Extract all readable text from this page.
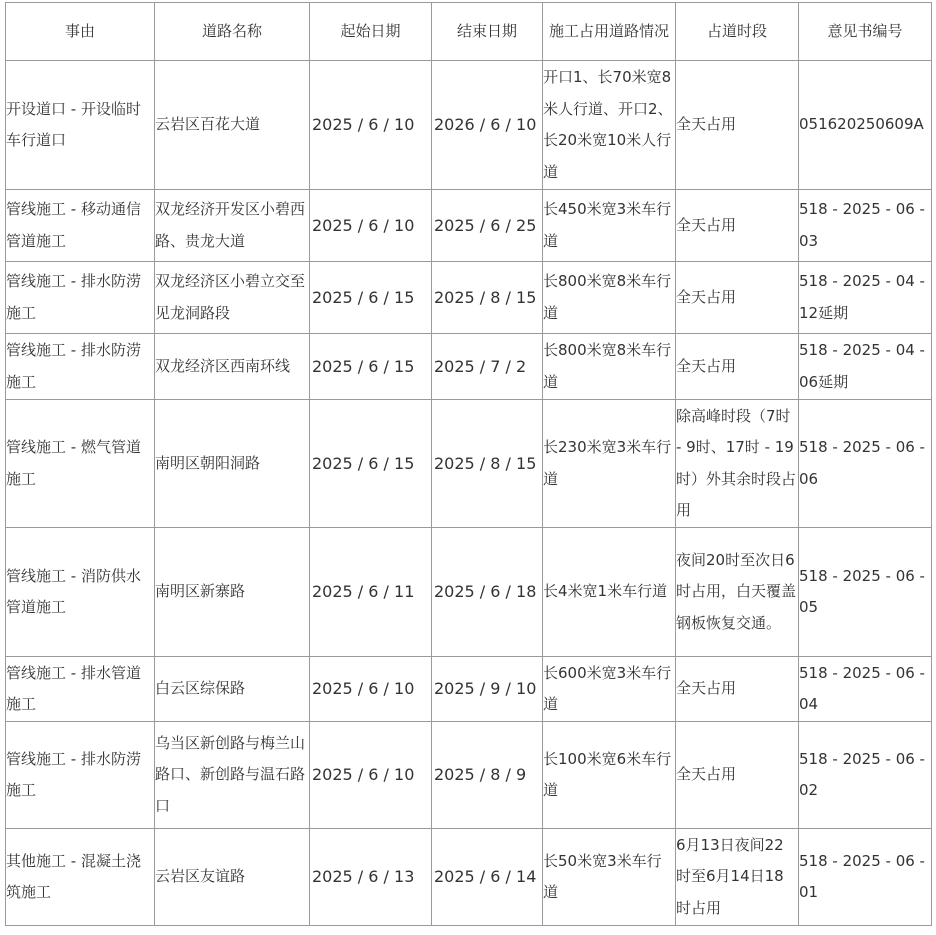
事由	道路名称	起始日期	结束日期	施工占用道路情况	占道时段	意见书编号
开设道口 - 开设临时车行道口	云岩区百花大道	2025 / 6 / 10	2026 / 6 / 10	开口1、长70米宽8米人行道、开口2、长20米宽10米人行道	全天占用	051620250609A
管线施工 - 移动通信管道施工	双龙经济开发区小碧西路、贵龙大道	2025 / 6 / 10	2025 / 6 / 25	长450米宽3米车行道	全天占用	518 - 2025 - 06 - 03
管线施工 - 排水防涝施工	双龙经济区小碧立交至见龙洞路段	2025 / 6 / 15	2025 / 8 / 15	长800米宽8米车行道	全天占用	518 - 2025 - 04 - 12延期
管线施工 - 排水防涝施工	双龙经济区西南环线	2025 / 6 / 15	2025 / 7 / 2	长800米宽8米车行道	全天占用	518 - 2025 - 04 - 06延期
管线施工 - 燃气管道施工	南明区朝阳洞路	2025 / 6 / 15	2025 / 8 / 15	长230米宽3米车行道	除高峰时段（7时 - 9时、17时 - 19时）外其余时段占用	518 - 2025 - 06 - 06
管线施工 - 消防供水管道施工	南明区新寨路	2025 / 6 / 11	2025 / 6 / 18	长4米宽1米车行道	夜间20时至次日6时占用，白天覆盖钢板恢复交通。	518 - 2025 - 06 - 05
管线施工 - 排水管道施工	白云区综保路	2025 / 6 / 10	2025 / 9 / 10	长600米宽3米车行道	全天占用	518 - 2025 - 06 - 04
管线施工 - 排水防涝施工	乌当区新创路与梅兰山路口、新创路与温石路口	2025 / 6 / 10	2025 / 8 / 9	长100米宽6米车行道	全天占用	518 - 2025 - 06 - 02
其他施工 - 混凝土浇筑施工	云岩区友谊路	2025 / 6 / 13	2025 / 6 / 14	长50米宽3米车行道	6月13日夜间22时至6月14日18时占用	518 - 2025 - 06 - 01
